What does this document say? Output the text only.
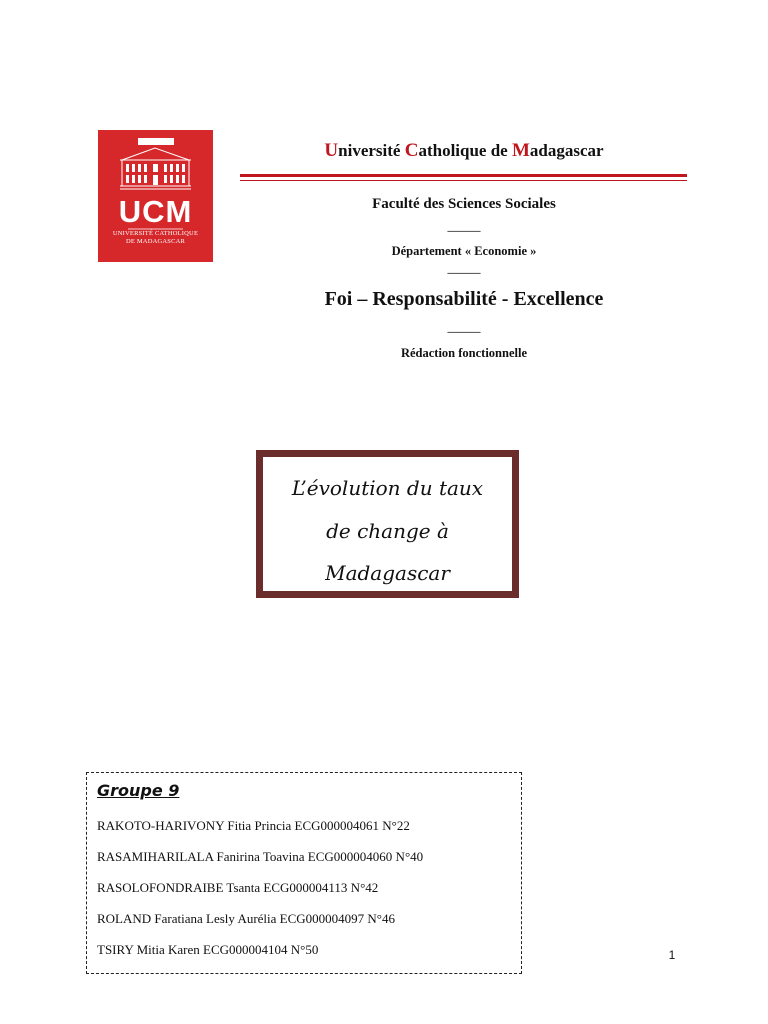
UCM
UNIVERSITÉ CATHOLIQUE
DE MADAGASCAR
Université Catholique de Madagascar
Faculté des Sciences Sociales
______
Département « Economie »
______
Foi – Responsabilité - Excellence
______
Rédaction fonctionnelle
L’évolution du taux
de change à
Madagascar
Groupe 9
RAKOTO-HARIVONY Fitia Princia ECG000004061 N°22
RASAMIHARILALA Fanirina Toavina ECG000004060 N°40
RASOLOFONDRAIBE Tsanta ECG000004113 N°42
ROLAND Faratiana Lesly Aurélia ECG000004097 N°46
TSIRY Mitia Karen ECG000004104 N°50	1
